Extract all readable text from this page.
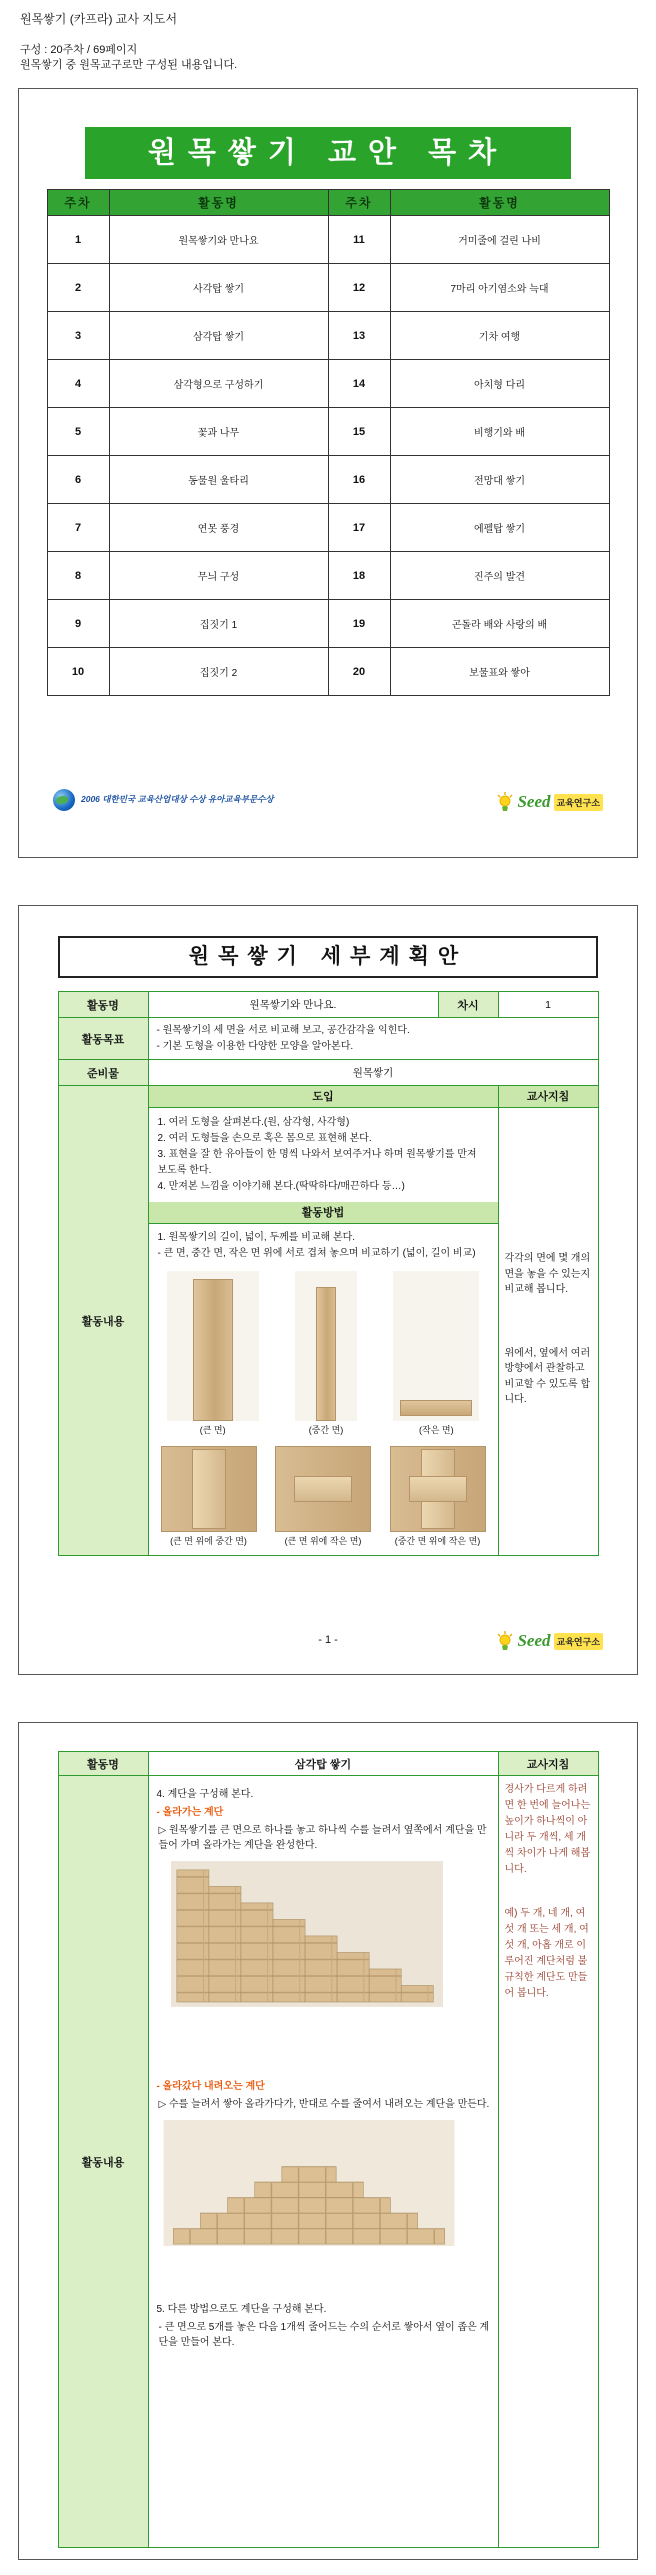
원목쌓기 (카프라) 교사 지도서
구성 : 20주차 / 69페이지
원목쌓기 중 원목교구로만 구성된 내용입니다.
원목쌓기 교안 목차
주차	활동명	주차	활동명
1	원목쌓기와 만나요	11	거미줄에 걸린 나비
2	사각탑 쌓기	12	7마리 아기염소와 늑대
3	삼각탑 쌓기	13	기차 여행
4	삼각형으로 구성하기	14	아치형 다리
5	꽃과 나무	15	비행기와 배
6	동물원 울타리	16	전망대 쌓기
7	연못 풍경	17	에펠탑 쌓기
8	무늬 구성	18	진주의 발견
9	집짓기 1	19	곤돌라 배와 사랑의 배
10	집짓기 2	20	보물표와 쌓아
2006 대한민국 교육산업대상 수상 유아교육부문수상	Seed 교육연구소
원목쌓기 세부계획안
활동명	원목쌓기와 만나요.	차시	1
활동목표	- 원목쌓기의 세 면을 서로 비교해 보고, 공간감각을 익힌다.
- 기본 도형을 이용한 다양한 모양을 알아본다.		

준비물	원목쌓기		
활동내용	
도입
1. 여러 도형을 살펴본다.(원, 삼각형, 사각형)
2. 여러 도형들을 손으로 혹은 몸으로 표현해 본다.
3. 표현을 잘 한 유아들이 한 명씩 나와서 보여주거나 하며 원목쌓기를 만져 보도록 한다.
4. 만져본 느낌을 이야기해 본다.(딱딱하다/매끈하다 등…)
활동방법
1. 원목쌓기의 길이, 넓이, 두께를 비교해 본다.
- 큰 면, 중간 면, 작은 면 위에 서로 겹쳐 놓으며 비교하기 (넓이, 길이 비교)
(큰 면)	(중간 면)	(작은 면)
(큰 면 위에 중간 면)	(큰 면 위에 작은 면)	(중간 면 위에 작은 면)

교사지침
각각의 면에 몇 개의 면을 놓을 수 있는지 비교해 봅니다.
위에서, 옆에서 여러 방향에서 관찰하고 비교할 수 있도록 합니다.
- 1 -	Seed 교육연구소
활동명	삼각탑 쌓기	교사지침
활동내용	
4. 계단을 구성해 본다.
- 올라가는 계단
▷ 원목쌓기를 큰 면으로 하나를 놓고 하나씩 수를 늘려서 옆쪽에서 계단을 만들어 가며 올라가는 계단을 완성한다.
- 올라갔다 내려오는 계단
▷ 수를 늘려서 쌓아 올라가다가, 반대로 수를 줄여서 내려오는 계단을 만든다.
5. 다른 방법으로도 계단을 구성해 본다.
- 큰 면으로 5개를 놓은 다음 1개씩 줄어드는 수의 순서로 쌓아서 옆이 좁은 계단을 만들어 본다.

경사가 다르게 하려면 한 번에 늘어나는 높이가 하나씩이 아니라 두 개씩, 세 개씩 차이가 나게 해봅니다.
예) 두 개, 네 개, 여섯 개 또는 세 개, 여섯 개, 아홉 개로 이루어진 계단처럼 불규칙한 계단도 만들어 봅니다.
